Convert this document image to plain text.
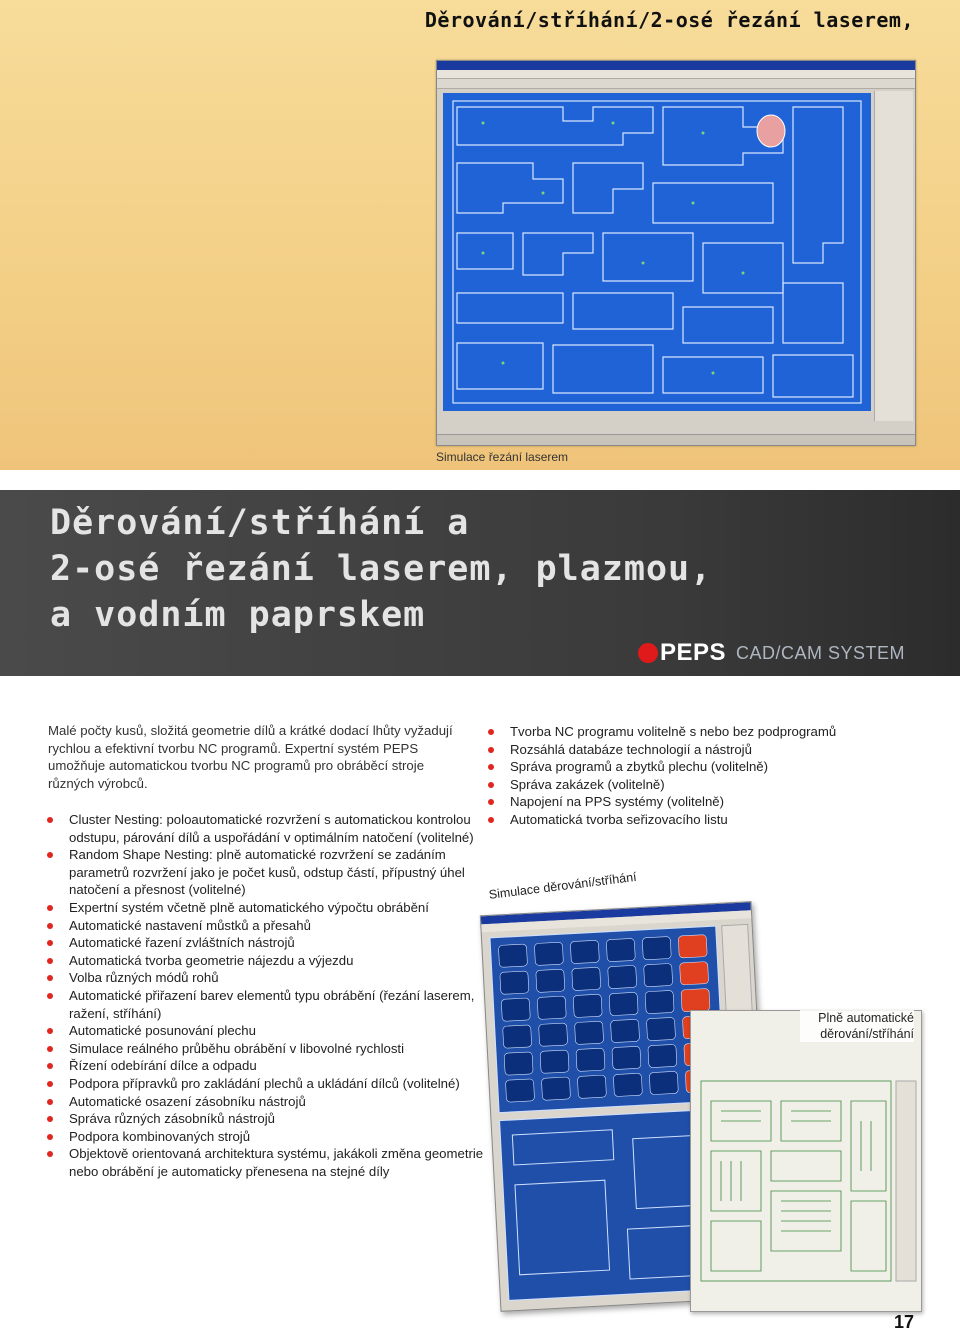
Děrování/stříhání/2-osé řezání laserem,
Simulace řezání laserem
Děrování/stříhání a
2-osé řezání laserem, plazmou,
a vodním paprskem
PEPS CAD/CAM SYSTEM

Malé počty kusů, složitá geometrie dílů a krátké dodací lhůty vyžadují rychlou a efektivní tvorbu NC programů. Expertní systém PEPS umožňuje automatickou tvorbu NC programů pro obráběcí stroje různých výrobců.

Cluster Nesting: poloautomatické rozvržení s automatickou kontrolou odstupu, párování dílů a uspořádání v optimálním natočení (volitelné)
Random Shape Nesting: plně automatické rozvržení se zadáním parametrů rozvržení jako je počet kusů, odstup částí, přípustný úhel natočení a přesnost (volitelné)
Expertní systém včetně plně automatického výpočtu obrábění
Automatické nastavení můstků a přesahů
Automatické řazení zvláštních nástrojů
Automatická tvorba geometrie nájezdu a výjezdu
Volba různých módů rohů
Automatické přiřazení barev elementů typu obrábění (řezání laserem, ražení, stříhání)
Automatické posunování plechu
Simulace reálného průběhu obrábění v libovolné rychlosti
Řízení odebírání dílce a odpadu
Podpora přípravků pro zakládání plechů a ukládání dílců (volitelné)
Automatické osazení zásobníku nástrojů
Správa různých zásobníků nástrojů
Podpora kombinovaných strojů
Objektově orientovaná architektura systému, jakákoli změna geometrie nebo obrábění je automaticky přenesena na stejné díly
Tvorba NC programu volitelně s nebo bez podprogramů
Rozsáhlá databáze technologií a nástrojů
Správa programů a zbytků plechu (volitelně)
Správa zakázek (volitelně)
Napojení na PPS systémy (volitelně)
Automatická tvorba seřizovacího listu
Simulace děrování/stříhání
Plně automatické děrování/stříhání
17
